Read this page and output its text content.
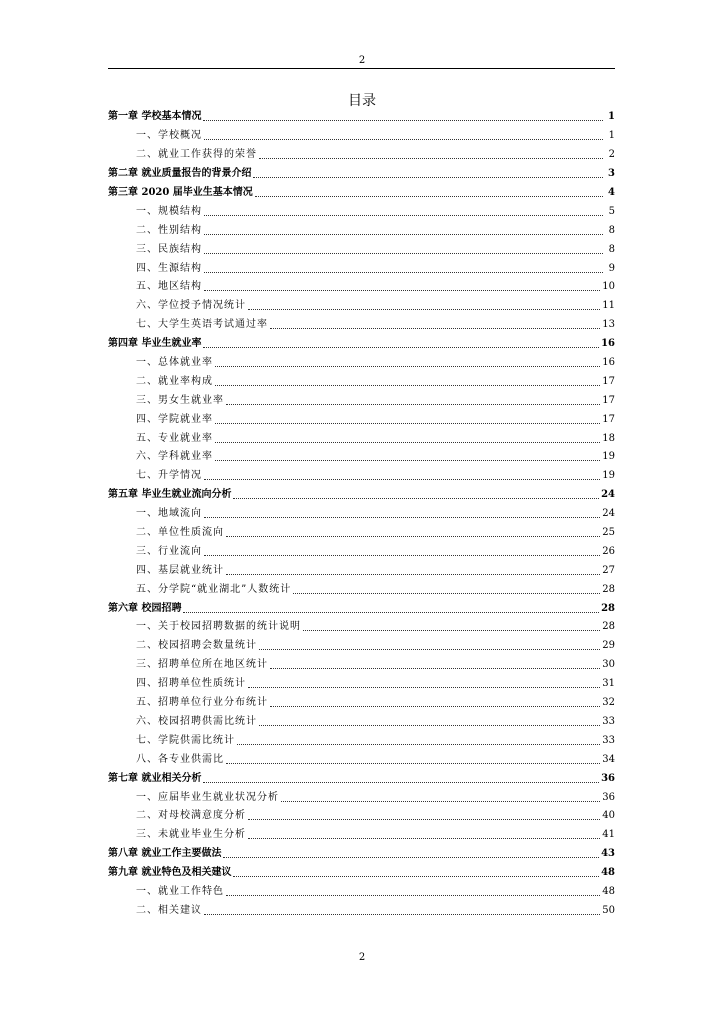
2
目录
第一章 学校基本情况	1
一、学校概况	1
二、就业工作获得的荣誉	2
第二章 就业质量报告的背景介绍	3
第三章 2020 届毕业生基本情况	4
一、规模结构	5
二、性别结构	8
三、民族结构	8
四、生源结构	9
五、地区结构	10
六、学位授予情况统计	11
七、大学生英语考试通过率	13
第四章 毕业生就业率	16
一、总体就业率	16
二、就业率构成	17
三、男女生就业率	17
四、学院就业率	17
五、专业就业率	18
六、学科就业率	19
七、升学情况	19
第五章 毕业生就业流向分析	24
一、地域流向	24
二、单位性质流向	25
三、行业流向	26
四、基层就业统计	27
五、分学院“就业湖北”人数统计	28
第六章 校园招聘	28
一、关于校园招聘数据的统计说明	28
二、校园招聘会数量统计	29
三、招聘单位所在地区统计	30
四、招聘单位性质统计	31
五、招聘单位行业分布统计	32
六、校园招聘供需比统计	33
七、学院供需比统计	33
八、各专业供需比	34
第七章 就业相关分析	36
一、应届毕业生就业状况分析	36
二、对母校满意度分析	40
三、未就业毕业生分析	41
第八章 就业工作主要做法	43
第九章 就业特色及相关建议	48
一、就业工作特色	48
二、相关建议	50
2
